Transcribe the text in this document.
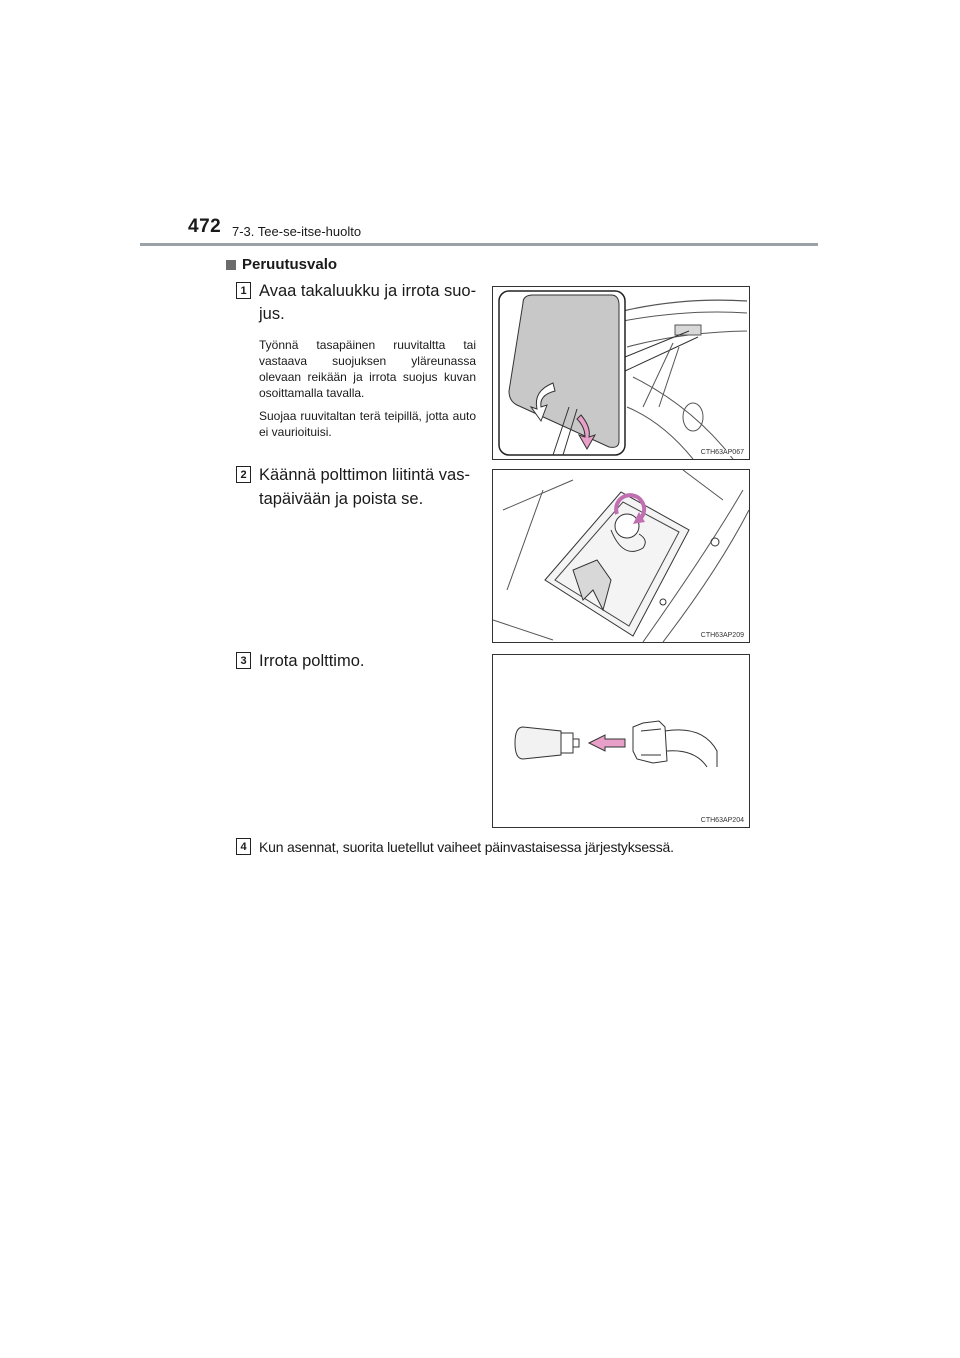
472 7-3. Tee-se-itse-huolto
Peruutusvalo
1 Avaa takaluukku ja irrota suo-
jus.
Työnnä tasapäinen ruuvitaltta tai vastaava suojuksen yläreunassa olevaan reikään ja irrota suojus kuvan osoittamalla tavalla.
Suojaa ruuvitaltan terä teipillä, jotta auto ei vaurioituisi.
CTH63AP067
2 Käännä polttimon liitintä vas-
tapäivään ja poista se.
CTH63AP209
3 Irrota polttimo.
CTH63AP204
4 Kun asennat, suorita luetellut vaiheet päinvastaisessa järjestyksessä.
